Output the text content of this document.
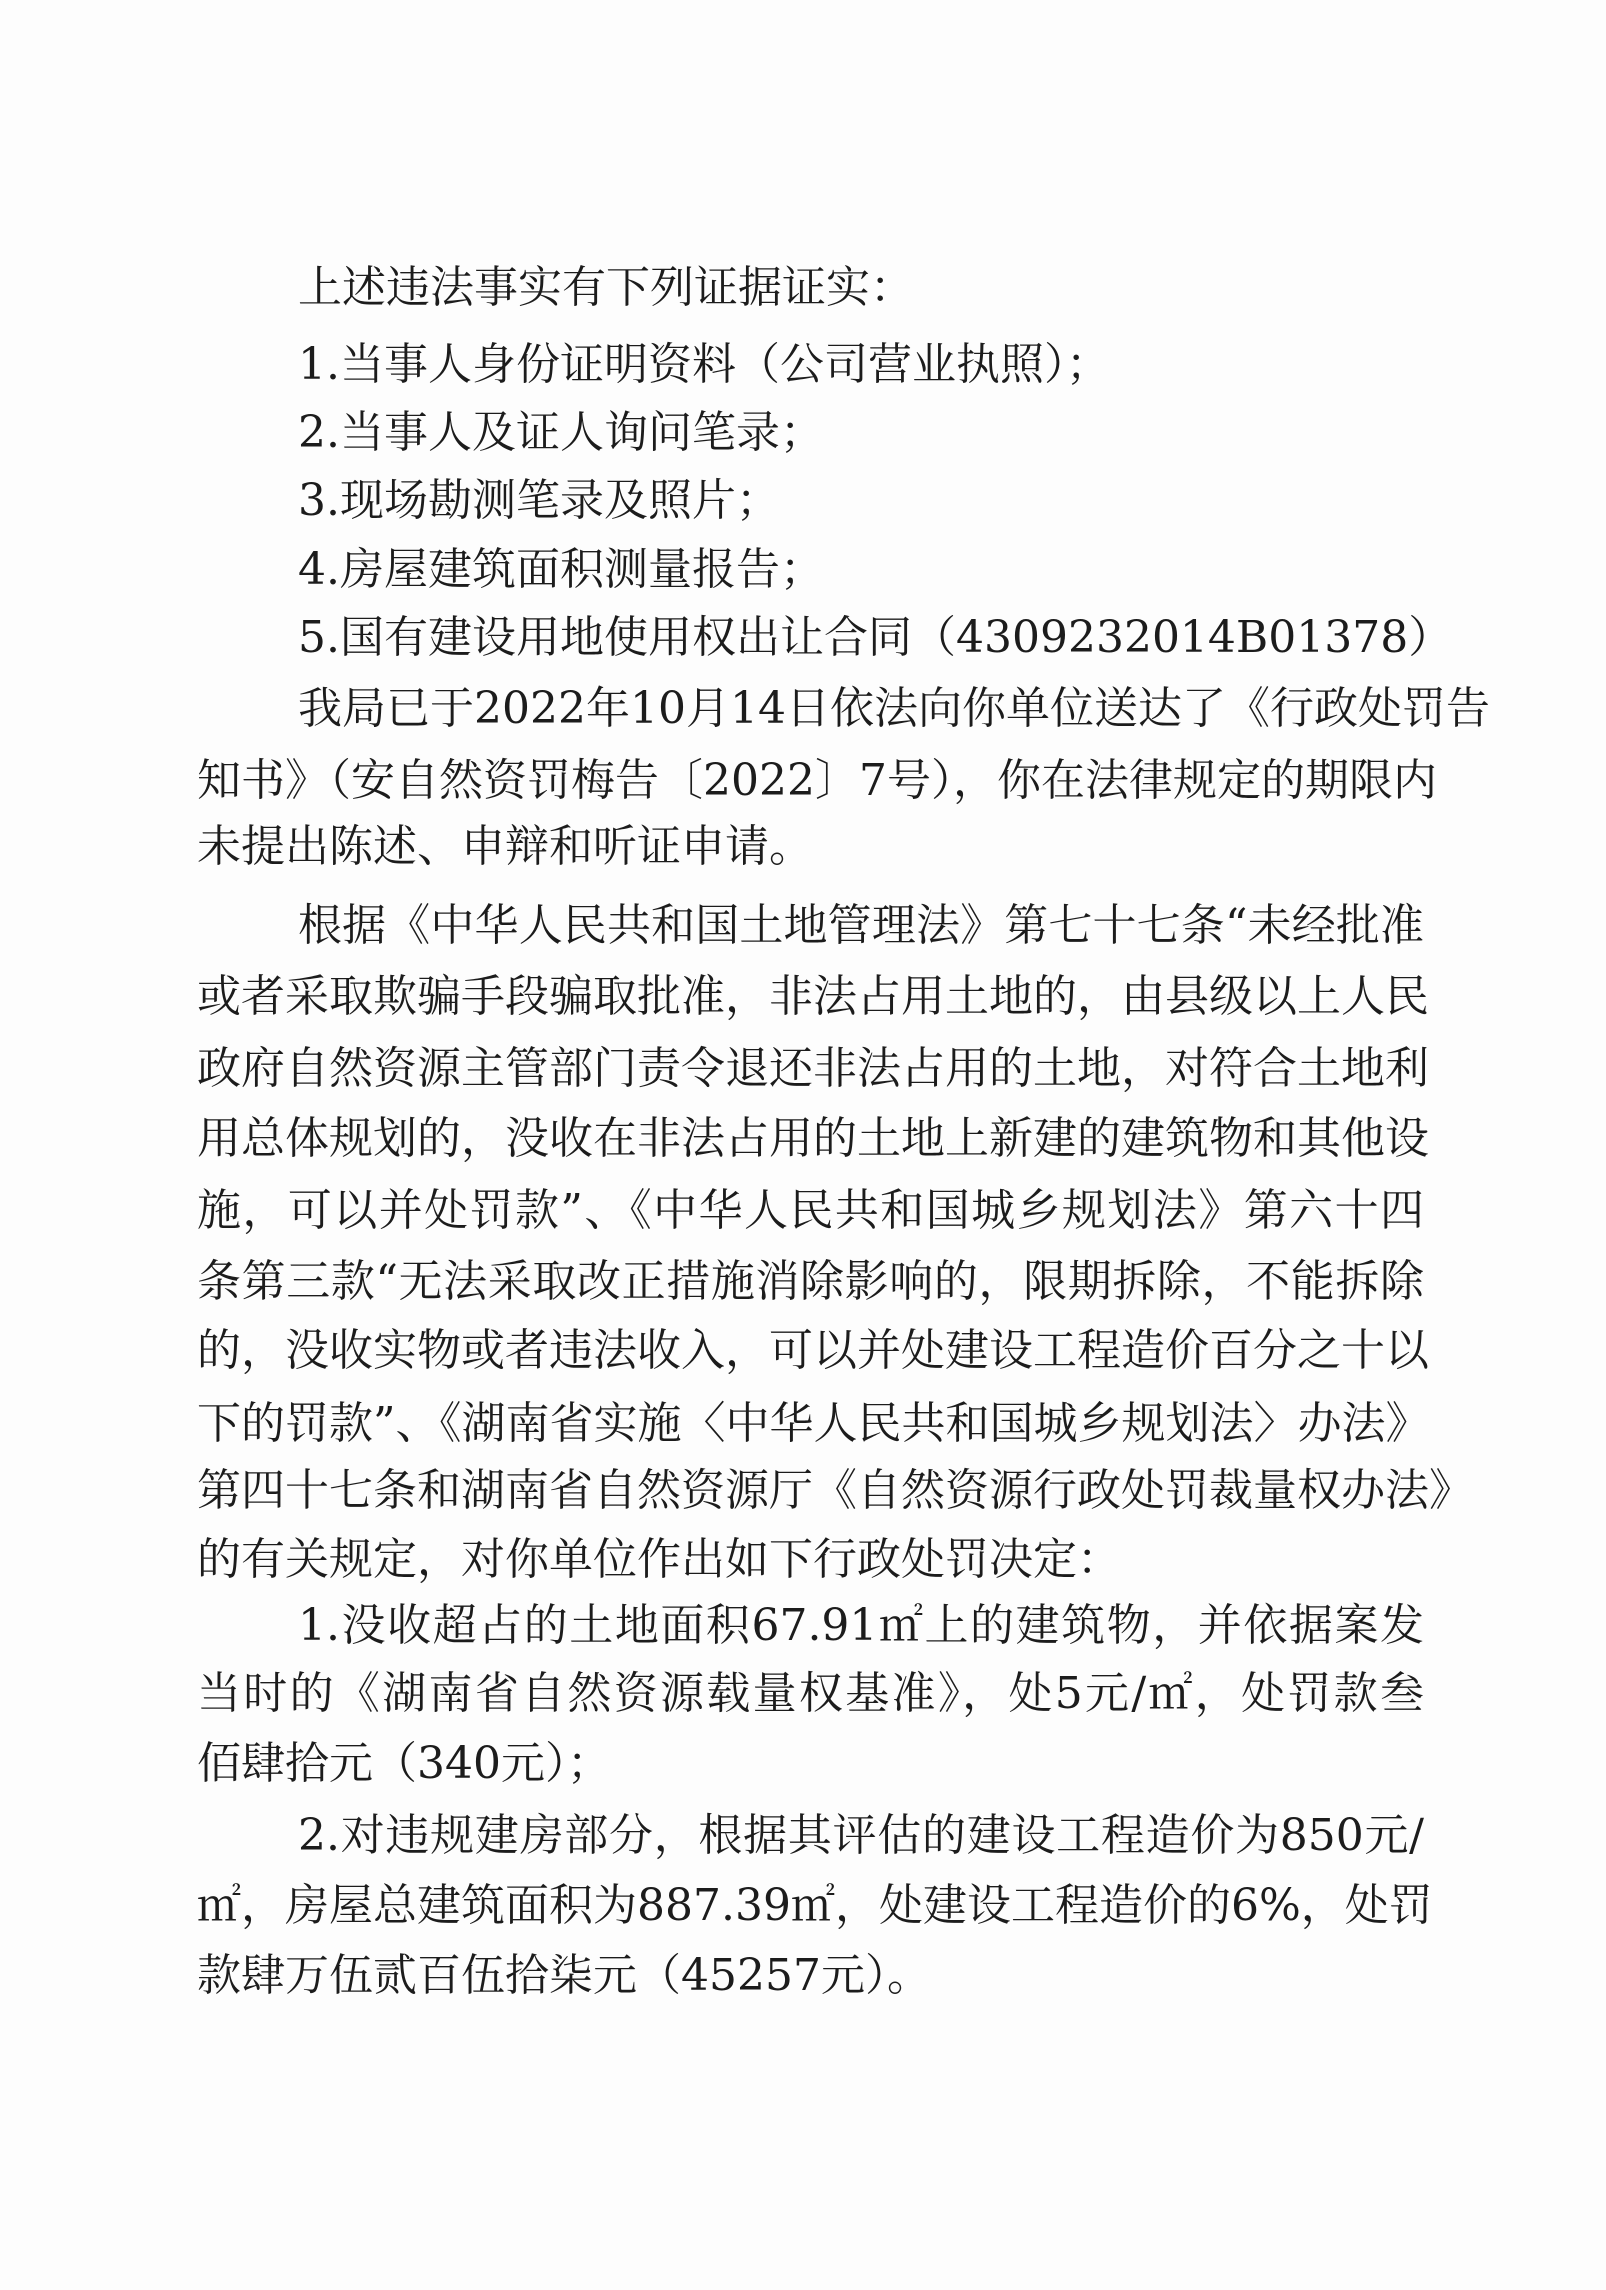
上述违法事实有下列证据证实：
1.当事人身份证明资料（公司营业执照）；
2.当事人及证人询问笔录；
3.现场勘测笔录及照片；
4.房屋建筑面积测量报告；
5.国有建设用地使用权出让合同（4309232014B01378）
我局已于2022年10月14日依法向你单位送达了《行政处罚告
知书》（安自然资罚梅告〔2022〕7号），你在法律规定的期限内
未提出陈述、申辩和听证申请。
根据《中华人民共和国土地管理法》第七十七条“未经批准
或者采取欺骗手段骗取批准，非法占用土地的，由县级以上人民
政府自然资源主管部门责令退还非法占用的土地，对符合土地利
用总体规划的，没收在非法占用的土地上新建的建筑物和其他设
施，可以并处罚款”、《中华人民共和国城乡规划法》第六十四
条第三款“无法采取改正措施消除影响的，限期拆除，不能拆除
的，没收实物或者违法收入，可以并处建设工程造价百分之十以
下的罚款”、《湖南省实施〈中华人民共和国城乡规划法〉办法》
第四十七条和湖南省自然资源厅《自然资源行政处罚裁量权办法》
的有关规定，对你单位作出如下行政处罚决定：
1.没收超占的土地面积67.91㎡上的建筑物，并依据案发
当时的《湖南省自然资源载量权基准》，处5元/㎡，处罚款叁
佰肆拾元（340元）；
2.对违规建房部分，根据其评估的建设工程造价为850元/
㎡，房屋总建筑面积为887.39㎡，处建设工程造价的6%，处罚
款肆万伍贰百伍拾柒元（45257元）。
